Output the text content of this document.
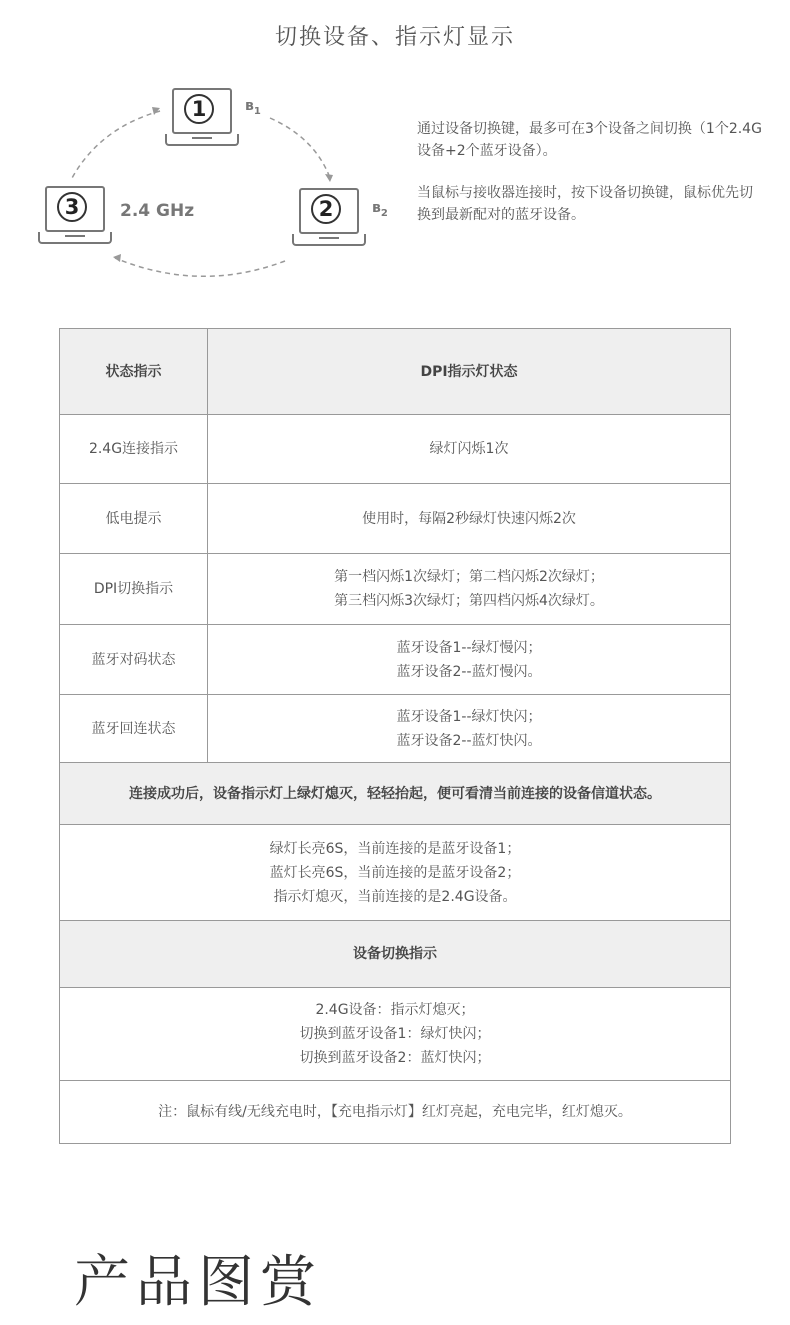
切换设备、指示灯显示
1	ʙ$_1$
2	ʙ$_2$
3	2.4 GHz

通过设备切换键，最多可在3个设备之间切换（1个2.4G设备+2个蓝牙设备）。

当鼠标与接收器连接时，按下设备切换键，鼠标优先切换到最新配对的蓝牙设备。

状态指示	DPI指示灯状态
2.4G连接指示	绿灯闪烁1次

低电提示	使用时，每隔2秒绿灯快速闪烁2次

DPI切换指示	第一档闪烁1次绿灯；第二档闪烁2次绿灯；
第三档闪烁3次绿灯；第四档闪烁4次绿灯。

蓝牙对码状态	蓝牙设备1--绿灯慢闪；
蓝牙设备2--蓝灯慢闪。

蓝牙回连状态	蓝牙设备1--绿灯快闪；
蓝牙设备2--蓝灯快闪。

连接成功后，设备指示灯上绿灯熄灭，轻轻抬起，便可看清当前连接的设备信道状态。	

绿灯长亮6S，当前连接的是蓝牙设备1；
蓝灯长亮6S，当前连接的是蓝牙设备2；
指示灯熄灭，当前连接的是2.4G设备。	

设备切换指示	

2.4G设备：指示灯熄灭；
切换到蓝牙设备1：绿灯快闪；
切换到蓝牙设备2：蓝灯快闪；	

注：鼠标有线/无线充电时，【充电指示灯】红灯亮起，充电完毕，红灯熄灭。	
产品图赏
